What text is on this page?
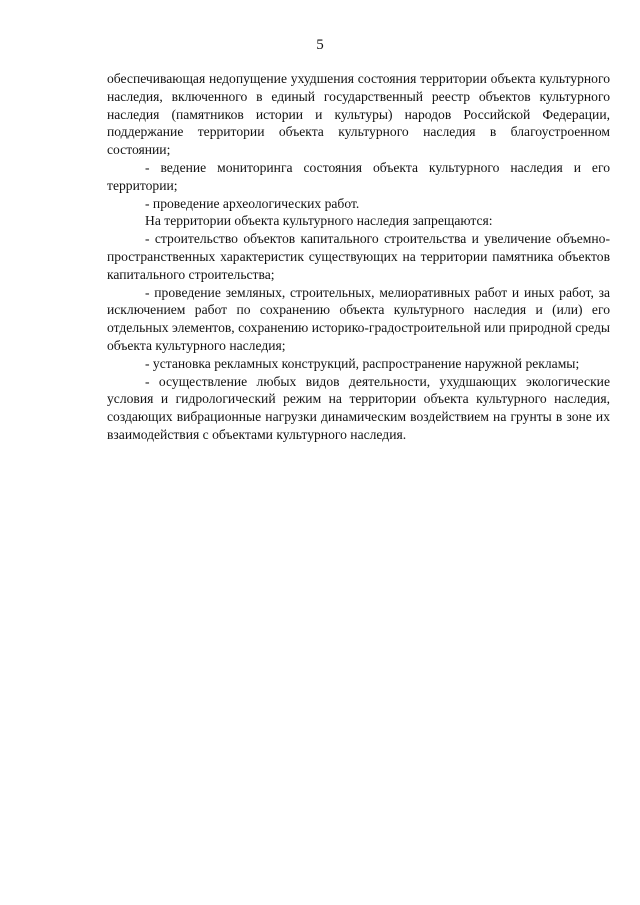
5

обеспечивающая недопущение ухудшения состояния территории объекта культурного наследия, включенного в единый государственный реестр объектов культурного наследия (памятников истории и культуры) народов Российской Федерации, поддержание территории объекта культурного наследия в благоустроенном состоянии;

- ведение мониторинга состояния объекта культурного наследия и его территории;

- проведение археологических работ.

На территории объекта культурного наследия запрещаются:

- строительство объектов капитального строительства и увеличение объемно-пространственных характеристик существующих на территории памятника объектов капитального строительства;

- проведение земляных, строительных, мелиоративных работ и иных работ, за исключением работ по сохранению объекта культурного наследия и (или) его отдельных элементов, сохранению историко-градостроительной или природной среды объекта культурного наследия;

- установка рекламных конструкций, распространение наружной рекламы;

- осуществление любых видов деятельности, ухудшающих экологические условия и гидрологический режим на территории объекта культурного наследия, создающих вибрационные нагрузки динамическим воздействием на грунты в зоне их взаимодействия с объектами культурного наследия.
